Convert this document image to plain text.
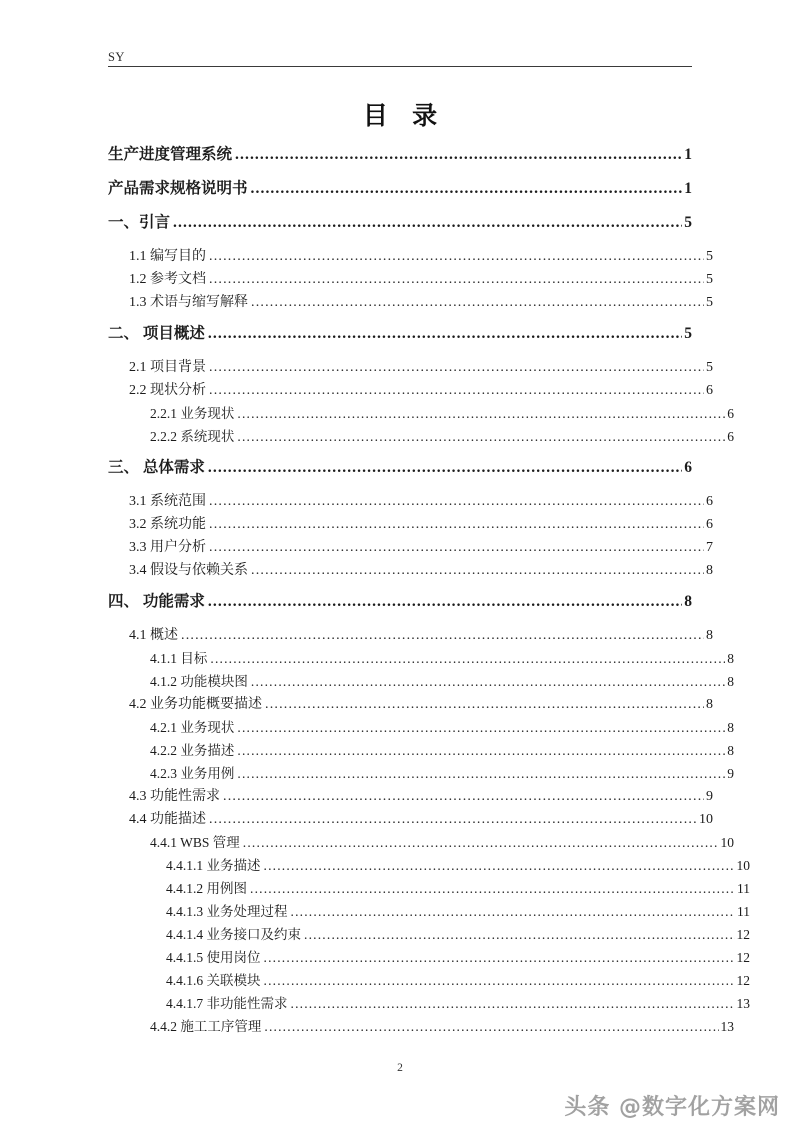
SY
目 录
生产进度管理系统 .....	1
产品需求规格说明书 .....	1
一、引言 .....	5
1.1 编写目的 .....	5
1.2 参考文档 .....	5
1.3 术语与缩写解释 .....	5
二、 项目概述 .....	5
2.1 项目背景 .....	5
2.2 现状分析 .....	6
2.2.1 业务现状 .....	6
2.2.2 系统现状 .....	6
三、 总体需求 .....	6
3.1 系统范围 .....	6
3.2 系统功能 .....	6
3.3 用户分析 .....	7
3.4 假设与依赖关系 .....	8
四、 功能需求 .....	8
4.1 概述 .....	8
4.1.1 目标 .....	8
4.1.2 功能模块图 .....	8
4.2 业务功能概要描述 .....	8
4.2.1 业务现状 .....	8
4.2.2 业务描述 .....	8
4.2.3 业务用例 .....	9
4.3 功能性需求 .....	9
4.4 功能描述 .....	10
4.4.1 WBS 管理 .....	10
4.4.1.1 业务描述 .....	10
4.4.1.2 用例图 .....	11
4.4.1.3 业务处理过程 .....	11
4.4.1.4 业务接口及约束 .....	12
4.4.1.5 使用岗位 .....	12
4.4.1.6 关联模块 .....	12
4.4.1.7 非功能性需求 .....	13
4.4.2 施工工序管理 .....	13
2
头条 @数字化方案网
